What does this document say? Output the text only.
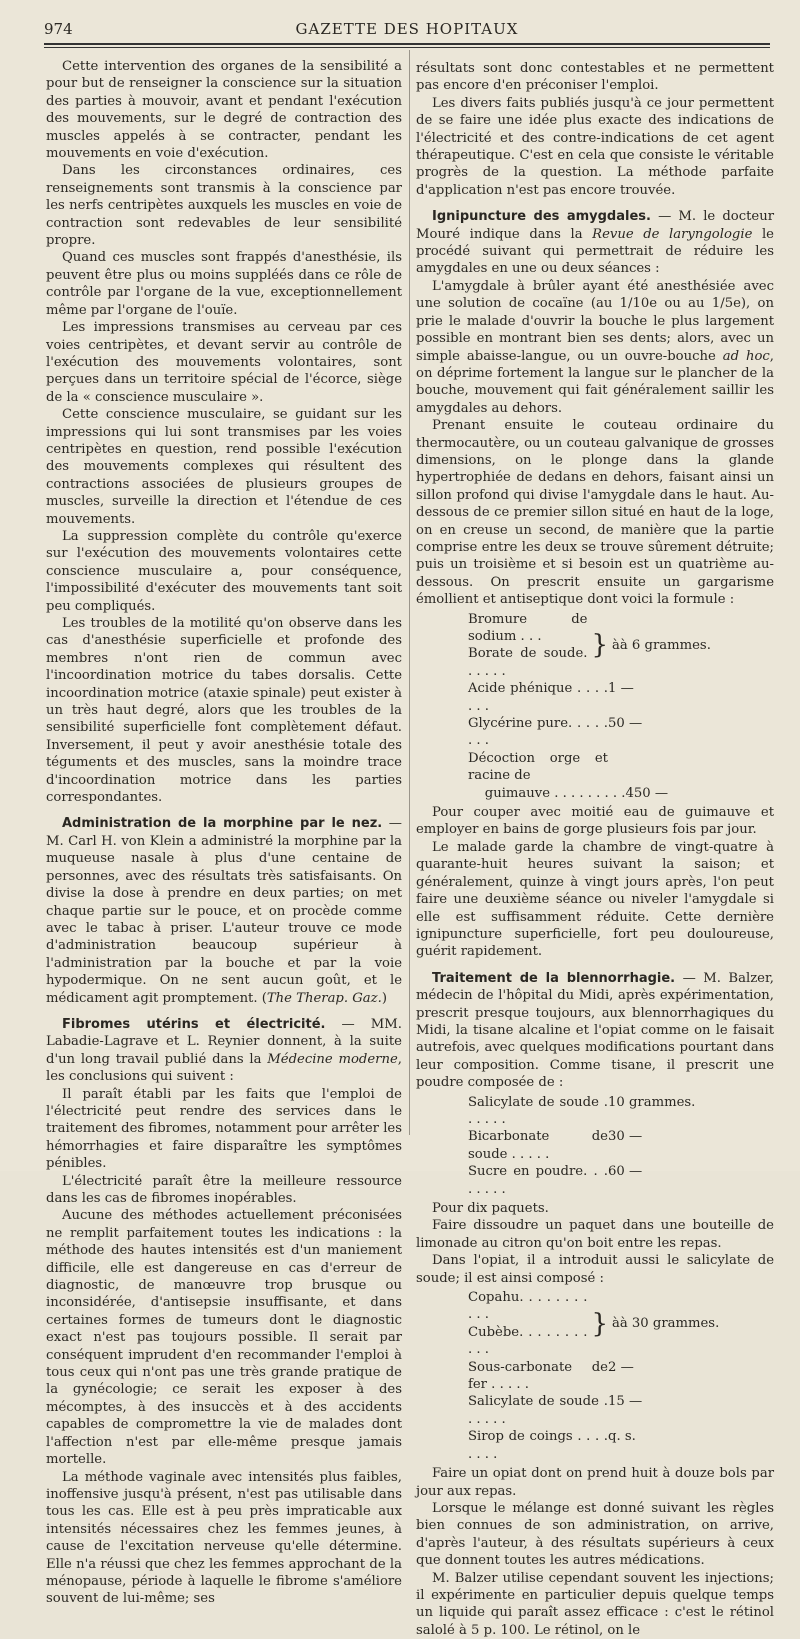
974	GAZETTE DES HOPITAUX

Cette intervention des organes de la sensibilité a pour but de renseigner la conscience sur la situation des parties à mouvoir, avant et pendant l'exécution des mouvements, sur le degré de contraction des muscles appelés à se contracter, pendant les mouvements en voie d'exécution.

Dans les circonstances ordinaires, ces renseignements sont transmis à la conscience par les nerfs centripètes auxquels les muscles en voie de contraction sont redevables de leur sensibilité propre.

Quand ces muscles sont frappés d'anesthésie, ils peuvent être plus ou moins suppléés dans ce rôle de contrôle par l'organe de la vue, exceptionnellement même par l'organe de l'ouïe.

Les impressions transmises au cerveau par ces voies centripètes, et devant servir au contrôle de l'exécution des mouvements volontaires, sont perçues dans un territoire spécial de l'écorce, siège de la « conscience musculaire ».

Cette conscience musculaire, se guidant sur les impressions qui lui sont transmises par les voies centripètes en question, rend possible l'exécution des mouvements complexes qui résultent des contractions associées de plusieurs groupes de muscles, surveille la direction et l'étendue de ces mouvements.

La suppression complète du contrôle qu'exerce sur l'exécution des mouvements volontaires cette conscience musculaire a, pour conséquence, l'impossibilité d'exécuter des mouvements tant soit peu compliqués.

Les troubles de la motilité qu'on observe dans les cas d'anesthésie superficielle et profonde des membres n'ont rien de commun avec l'incoordination motrice du tabes dorsalis. Cette incoordination motrice (ataxie spinale) peut exister à un très haut degré, alors que les troubles de la sensibilité superficielle font complètement défaut. Inversement, il peut y avoir anesthésie totale des téguments et des muscles, sans la moindre trace d'incoordination motrice dans les parties correspondantes.

Administration de la morphine par le nez. — M. Carl H. von Klein a administré la morphine par la muqueuse nasale à plus d'une centaine de personnes, avec des résultats très satisfaisants. On divise la dose à prendre en deux parties; on met chaque partie sur le pouce, et on procède comme avec le tabac à priser. L'auteur trouve ce mode d'administration beaucoup supérieur à l'administration par la bouche et par la voie hypodermique. On ne sent aucun goût, et le médicament agit promptement. (The Therap. Gaz.)

Fibromes utérins et électricité. — MM. Labadie-Lagrave et L. Reynier donnent, à la suite d'un long travail publié dans la Médecine moderne, les conclusions qui suivent :

Il paraît établi par les faits que l'emploi de l'électricité peut rendre des services dans le traitement des fibromes, notamment pour arrêter les hémorrhagies et faire disparaître les symptômes pénibles.

L'électricité paraît être la meilleure ressource dans les cas de fibromes inopérables.

Aucune des méthodes actuellement préconisées ne remplit parfaitement toutes les indications : la méthode des hautes intensités est d'un maniement difficile, elle est dangereuse en cas d'erreur de diagnostic, de manœuvre trop brusque ou inconsidérée, d'antisepsie insuffisante, et dans certaines formes de tumeurs dont le diagnostic exact n'est pas toujours possible. Il serait par conséquent imprudent d'en recommander l'emploi à tous ceux qui n'ont pas une très grande pratique de la gynécologie; ce serait les exposer à des mécomptes, à des insuccès et à des accidents capables de compromettre la vie de malades dont l'affection n'est par elle-même presque jamais mortelle.

La méthode vaginale avec intensités plus faibles, inoffensive jusqu'à présent, n'est pas utilisable dans tous les cas. Elle est à peu près impraticable aux intensités nécessaires chez les femmes jeunes, à cause de l'excitation nerveuse qu'elle détermine. Elle n'a réussi que chez les femmes approchant de la ménopause, période à laquelle le fibrome s'améliore souvent de lui-même; ses

résultats sont donc contestables et ne permettent pas encore d'en préconiser l'emploi.

Les divers faits publiés jusqu'à ce jour permettent de se faire une idée plus exacte des indications de l'électricité et des contre-indications de cet agent thérapeutique. C'est en cela que consiste le véritable progrès de la question. La méthode parfaite d'application n'est pas encore trouvée.

Ignipuncture des amygdales. — M. le docteur Mouré indique dans la Revue de laryngologie le procédé suivant qui permettrait de réduire les amygdales en une ou deux séances :

L'amygdale à brûler ayant été anesthésiée avec une solution de cocaïne (au 1/10e ou au 1/5e), on prie le malade d'ouvrir la bouche le plus largement possible en montrant bien ses dents; alors, avec un simple abaisse-langue, ou un ouvre-bouche ad hoc, on déprime fortement la langue sur le plancher de la bouche, mouvement qui fait généralement saillir les amygdales au dehors.

Prenant ensuite le couteau ordinaire du thermocautère, ou un couteau galvanique de grosses dimensions, on le plonge dans la glande hypertrophiée de dedans en dehors, faisant ainsi un sillon profond qui divise l'amygdale dans le haut. Au-dessous de ce premier sillon situé en haut de la loge, on en creuse un second, de manière que la partie comprise entre les deux se trouve sûrement détruite; puis un troisième et si besoin est un quatrième au-dessous. On prescrit ensuite un gargarisme émollient et antiseptique dont voici la formule :

Bromure de sodium . . .
Borate de soude. . . . . .
} àà 6 grammes.
Acide phénique . . . . . . .
1 —
Glycérine pure. . . . . . . .
50 —
Décoction orge et racine de
guimauve . . . . . . . . . 450 —

Pour couper avec moitié eau de guimauve et employer en bains de gorge plusieurs fois par jour.

Le malade garde la chambre de vingt-quatre à quarante-huit heures suivant la saison; et généralement, quinze à vingt jours après, l'on peut faire une deuxième séance ou niveler l'amygdale si elle est suffisamment réduite. Cette dernière ignipuncture superficielle, fort peu douloureuse, guérit rapidement.

Traitement de la blennorrhagie. — M. Balzer, médecin de l'hôpital du Midi, après expérimentation, prescrit presque toujours, aux blennorrhagiques du Midi, la tisane alcaline et l'opiat comme on le faisait autrefois, avec quelques modifications pourtant dans leur composition. Comme tisane, il prescrit une poudre composée de :

Salicylate de soude . . . . . .
10 grammes.
Bicarbonate de soude . . . . .
30 —
Sucre en poudre. . . . . . . .
60 —

Pour dix paquets.

Faire dissoudre un paquet dans une bouteille de limonade au citron qu'on boit entre les repas.

Dans l'opiat, il a introduit aussi le salicylate de soude; il est ainsi composé :

Copahu. . . . . . . . . . .
Cubèbe. . . . . . . . . . .
} àà 30 grammes.
Sous-carbonate de fer . . . . .
2 —
Salicylate de soude . . . . . .
15 —
Sirop de coings . . . . . . . .
q. s.

Faire un opiat dont on prend huit à douze bols par jour aux repas.

Lorsque le mélange est donné suivant les règles bien connues de son administration, on arrive, d'après l'auteur, à des résultats supérieurs à ceux que donnent toutes les autres médications.

M. Balzer utilise cependant souvent les injections; il expérimente en particulier depuis quelque temps un liquide qui paraît assez efficace : c'est le rétinol salolé à 5 p. 100. Le rétinol, on le
